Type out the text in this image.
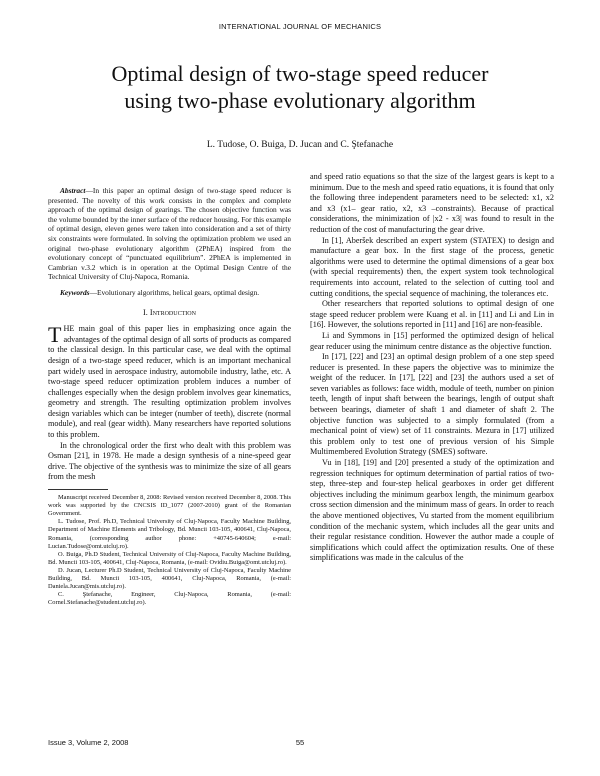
INTERNATIONAL JOURNAL OF MECHANICS
Optimal design of two-stage speed reducer
using two-phase evolutionary algorithm
L. Tudose, O. Buiga, D. Jucan and C. Ştefanache

Abstract—In this paper an optimal design of two-stage speed reducer is presented. The novelty of this work consists in the complex and complete approach of the optimal design of gearings. The chosen objective function was the volume bounded by the inner surface of the reducer housing. For this example of optimal design, eleven genes were taken into consideration and a set of thirty six constraints were formulated. In solving the optimization problem we used an original two-phase evolutionary algorithm (2PhEA) inspired from the evolutionary concept of “punctuated equilibrium”. 2PhEA is implemented in Cambrian v.3.2 which is in operation at the Optimal Design Centre of the Technical University of Cluj-Napoca, Romania.

Keywords—Evolutionary algorithms, helical gears, optimal design.

I. Introduction

THE main goal of this paper lies in emphasizing once again the advantages of the optimal design of all sorts of products as compared to the classical design. In this particular case, we deal with the optimal design of a two-stage speed reducer, which is an important mechanical part widely used in aerospace industry, automobile industry, lathe, etc. A two-stage speed reducer optimization problem induces a number of challenges especially when the design problem involves gear kinematics, geometry and strength. The resulting optimization problem involves design variables which can be integer (number of teeth), discrete (normal module), and real (gear width). Many researchers have reported solutions to this problem.

In the chronological order the first who dealt with this problem was Osman [21], in 1978. He made a design synthesis of a nine-speed gear drive. The objective of the synthesis was to minimize the size of all gears from the mesh

Manuscript received December 8, 2008: Revised version received December 8, 2008. This work was supported by the CNCSIS ID_1077 (2007-2010) grant of the Romanian Government.

L. Tudose, Prof. Ph.D, Technical University of Cluj-Napoca, Faculty Machine Building, Department of Machine Elements and Tribology, Bd. Muncii 103-105, 400641, Cluj-Napoca, Romania, (corresponding author phone: +40745-640604; e-mail: Lucian.Tudose@omt.utcluj.ro).

O. Buiga, Ph.D Student, Technical University of Cluj-Napoca, Faculty Machine Building, Bd. Muncii 103-105, 400641, Cluj-Napoca, Romania, (e-mail: Ovidiu.Buiga@omt.utcluj.ro).

D. Jucan, Lecturer Ph.D Student, Technical University of Cluj-Napoca, Faculty Machine Building, Bd. Muncii 103-105, 400641, Cluj-Napoca, Romania, (e-mail: Daniela.Jucan@mis.utcluj.ro).

C. Ştefanache, Engineer, Cluj-Napoca, Romania, (e-mail: Cornel.Stefanache@student.utcluj.ro).

and speed ratio equations so that the size of the largest gears is kept to a minimum. Due to the mesh and speed ratio equations, it is found that only the following three independent parameters need to be selected: x1, x2 and x3 (x1– gear ratio, x2, x3 –constraints). Because of practical considerations, the minimization of |x2 - x3| was found to result in the reduction of the cost of manufacturing the gear drive.

In [1], Aberšek described an expert system (STATEX) to design and manufacture a gear box. In the first stage of the process, genetic algorithms were used to determine the optimal dimensions of a gear box (with special requirements) then, the expert system took technological requirements into account, related to the selection of cutting tool and cutting conditions, the special sequence of machining, the tolerances etc.

Other researchers that reported solutions to optimal design of one stage speed reducer problem were Kuang et al. in [11] and Li and Lin in [16]. However, the solutions reported in [11] and [16] are non-feasible.

Li and Symmons in [15] performed the optimized design of helical gear reducer using the minimum centre distance as the objective function.

In [17], [22] and [23] an optimal design problem of a one step speed reducer is presented. In these papers the objective was to minimize the weight of the reducer. In [17], [22] and [23] the authors used a set of seven variables as follows: face width, module of teeth, number on pinion teeth, length of input shaft between the bearings, length of output shaft between bearings, diameter of shaft 1 and diameter of shaft 2. The objective function was subjected to a simply formulated (from a mechanical point of view) set of 11 constraints. Mezura in [17] utilized this problem only to test one of previous version of his Simple Multimembered Evolution Strategy (SMES) software.

Vu in [18], [19] and [20] presented a study of the optimization and regression techniques for optimum determination of partial ratios of two-step, three-step and four-step helical gearboxes in order get different objectives including the minimum gearbox length, the minimum gearbox cross section dimension and the minimum mass of gears. In order to reach the above mentioned objectives, Vu started from the moment equilibrium condition of the mechanic system, which includes all the gear units and their regular resistance condition. However the author made a couple of simplifications which could affect the optimization results. One of these simplifications was made in the calculus of the

Issue 3, Volume 2, 2008	55
